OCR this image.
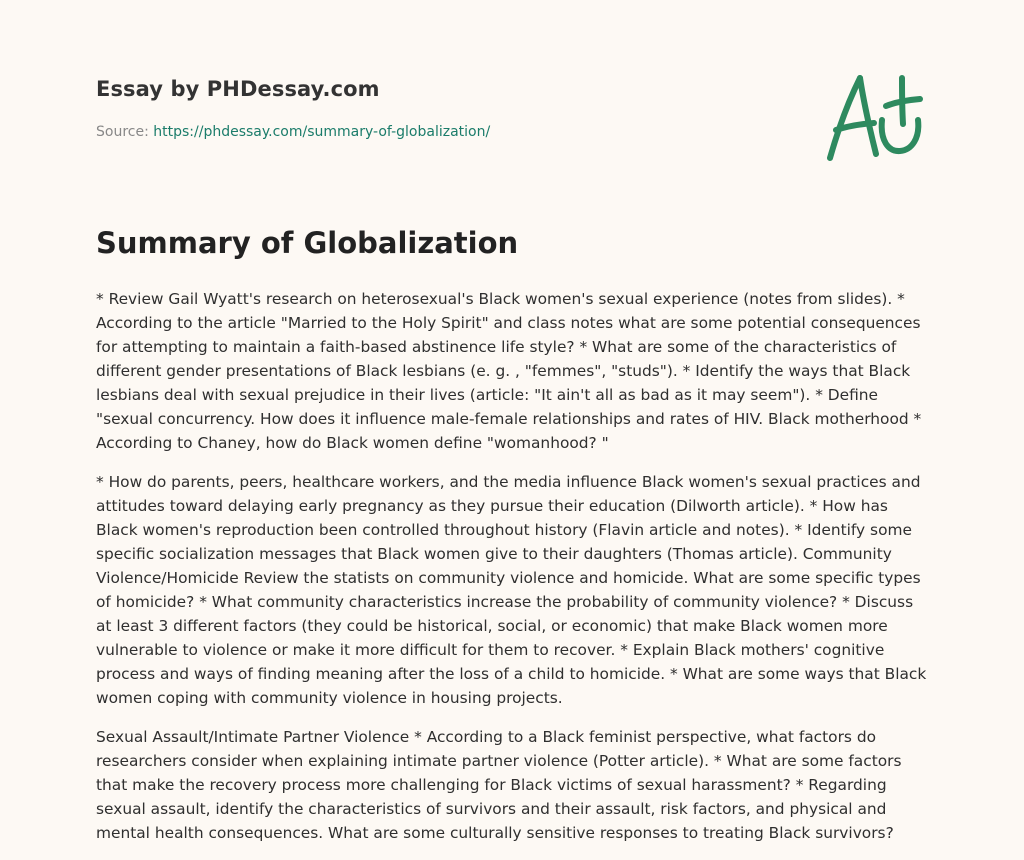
Essay by PHDessay.com

Source: https://phdessay.com/summary-of-globalization/

Summary of Globalization

* Review Gail Wyatt's research on heterosexual's Black women's sexual experience (notes from slides). * According to the article "Married to the Holy Spirit" and class notes what are some potential consequences for attempting to maintain a faith-based abstinence life style? * What are some of the characteristics of different gender presentations of Black lesbians (e. g. , "femmes", "studs"). * Identify the ways that Black lesbians deal with sexual prejudice in their lives (article: "It ain't all as bad as it may seem"). * Define "sexual concurrency. How does it influence male-female relationships and rates of HIV. Black motherhood * According to Chaney, how do Black women define "womanhood? "

* How do parents, peers, healthcare workers, and the media influence Black women's sexual practices and attitudes toward delaying early pregnancy as they pursue their education (Dilworth article). * How has Black women's reproduction been controlled throughout history (Flavin article and notes). * Identify some specific socialization messages that Black women give to their daughters (Thomas article). Community Violence/Homicide Review the statists on community violence and homicide. What are some specific types of homicide? * What community characteristics increase the probability of community violence? * Discuss at least 3 different factors (they could be historical, social, or economic) that make Black women more vulnerable to violence or make it more difficult for them to recover. * Explain Black mothers' cognitive process and ways of finding meaning after the loss of a child to homicide. * What are some ways that Black women coping with community violence in housing projects.

Sexual Assault/Intimate Partner Violence * According to a Black feminist perspective, what factors do researchers consider when explaining intimate partner violence (Potter article). * What are some factors that make the recovery process more challenging for Black victims of sexual harassment? * Regarding sexual assault, identify the characteristics of survivors and their assault, risk factors, and physical and mental health consequences. What are some culturally sensitive responses to treating Black survivors?
